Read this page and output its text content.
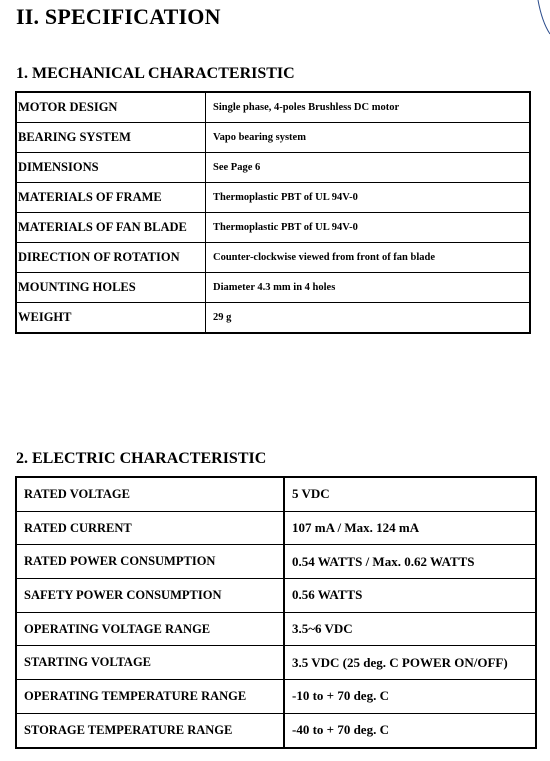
II. SPECIFICATION
1. MECHANICAL CHARACTERISTIC
MOTOR DESIGN	Single phase, 4-poles Brushless DC motor
BEARING SYSTEM	Vapo bearing system
DIMENSIONS	See Page 6
MATERIALS OF FRAME	Thermoplastic PBT of UL 94V-0
MATERIALS OF FAN BLADE	Thermoplastic PBT of UL 94V-0
DIRECTION OF ROTATION	Counter-clockwise viewed from front of fan blade
MOUNTING HOLES	Diameter 4.3 mm in 4 holes
WEIGHT	29 g
2. ELECTRIC CHARACTERISTIC
RATED VOLTAGE	5 VDC
RATED CURRENT	107 mA / Max. 124 mA
RATED POWER CONSUMPTION	0.54 WATTS / Max. 0.62 WATTS
SAFETY POWER CONSUMPTION	0.56 WATTS
OPERATING VOLTAGE RANGE	3.5~6 VDC
STARTING VOLTAGE	3.5 VDC (25 deg. C POWER ON/OFF)
OPERATING TEMPERATURE RANGE	-10 to + 70 deg. C
STORAGE TEMPERATURE RANGE	-40 to + 70 deg. C
